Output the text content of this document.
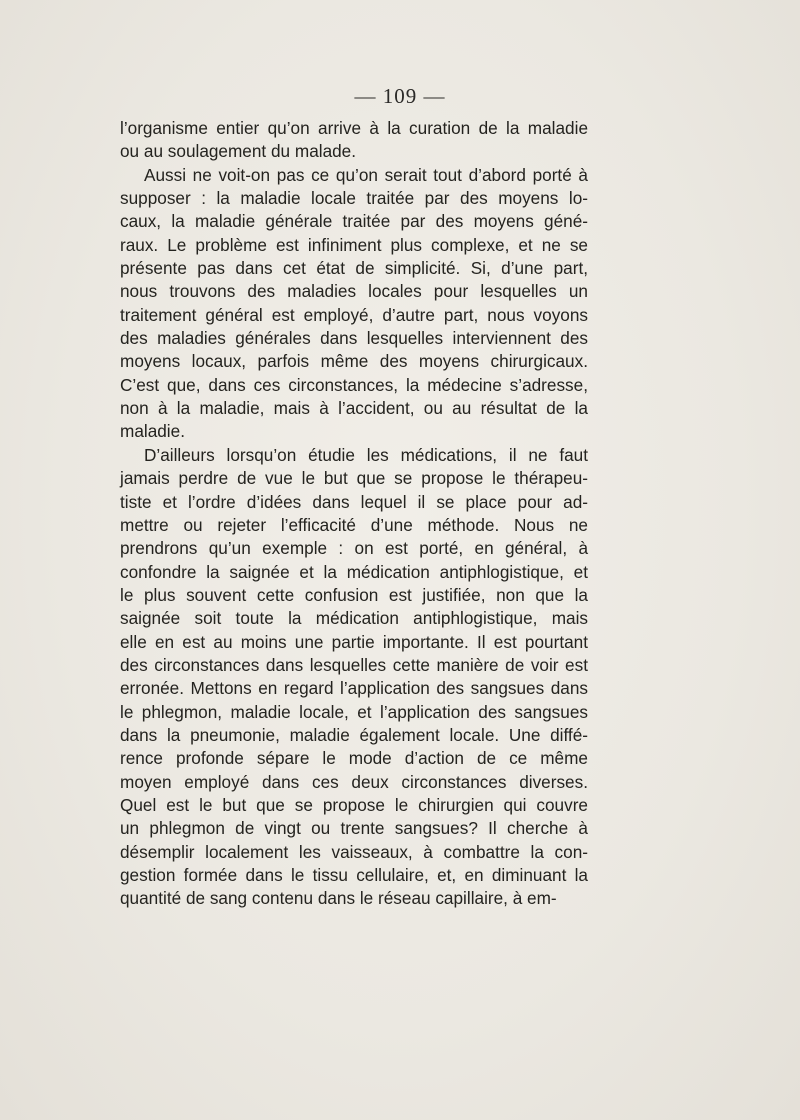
— 109 —
l’organisme entier qu’on arrive à la curation de la maladie
ou au soulagement du malade.
Aussi ne voit-on pas ce qu’on serait tout d’abord porté à
supposer : la maladie locale traitée par des moyens lo-
caux, la maladie générale traitée par des moyens géné-
raux. Le problème est infiniment plus complexe, et ne se
présente pas dans cet état de simplicité. Si, d’une part,
nous trouvons des maladies locales pour lesquelles un
traitement général est employé, d’autre part, nous voyons
des maladies générales dans lesquelles interviennent des
moyens locaux, parfois même des moyens chirurgicaux.
C’est que, dans ces circonstances, la médecine s’adresse,
non à la maladie, mais à l’accident, ou au résultat de la
maladie.
D’ailleurs lorsqu’on étudie les médications, il ne faut
jamais perdre de vue le but que se propose le thérapeu-
tiste et l’ordre d’idées dans lequel il se place pour ad-
mettre ou rejeter l’efficacité d’une méthode. Nous ne
prendrons qu’un exemple : on est porté, en général, à
confondre la saignée et la médication antiphlogistique, et
le plus souvent cette confusion est justifiée, non que la
saignée soit toute la médication antiphlogistique, mais
elle en est au moins une partie importante. Il est pourtant
des circonstances dans lesquelles cette manière de voir est
erronée. Mettons en regard l’application des sangsues dans
le phlegmon, maladie locale, et l’application des sangsues
dans la pneumonie, maladie également locale. Une diffé-
rence profonde sépare le mode d’action de ce même
moyen employé dans ces deux circonstances diverses.
Quel est le but que se propose le chirurgien qui couvre
un phlegmon de vingt ou trente sangsues? Il cherche à
désemplir localement les vaisseaux, à combattre la con-
gestion formée dans le tissu cellulaire, et, en diminuant la
quantité de sang contenu dans le réseau capillaire, à em-
